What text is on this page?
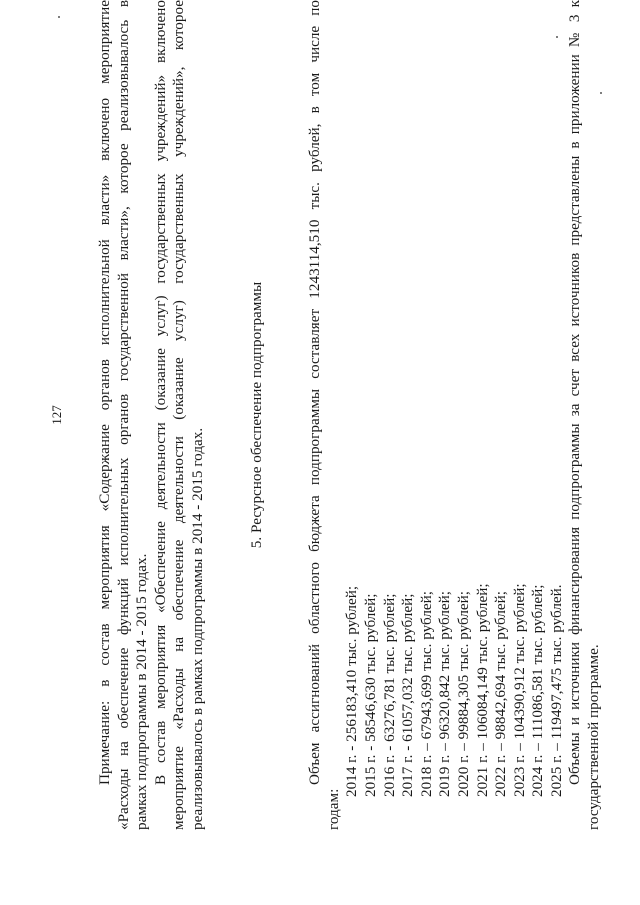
127 Примечание: в состав мероприятия «Содержание органов исполнительной власти» включено мероприятие «Расходы на обеспечение функций исполнительных органов государственной власти», которое реализовывалось в рамках подпрограммы в 2014 - 2015 годах. В состав мероприятия «Обеспечение деятельности (оказание услуг) государственных учреждений» включено мероприятие «Расходы на обеспечение деятельности (оказание услуг) государственных учреждений», которое реализовывалось в рамках подпрограммы в 2014 - 2015 годах.

5. Ресурсное обеспечение подпрограммы	Объем ассигнований областного бюджета подпрограммы составляет 1243114,510 тыс. рублей, в том числе по

годам:

2014 г. - 256183,410 тыс. рублей; 2015 г. - 58546,630 тыс. рублей; 2016 г. - 63276,781 тыс. рублей; 2017 г. - 61057,032 тыс. рублей; 2018 г. – 67943,699 тыс. рублей; 2019 г. – 96320,842 тыс. рублей; 2020 г. – 99884,305 тыс. рублей; 2021 г. – 106084,149 тыс. рублей; 2022 г. – 98842,694 тыс. рублей; 2023 г. – 104390,912 тыс. рублей; 2024 г. – 111086,581 тыс. рублей; 2025 г. – 119497,475 тыс. рублей. Объемы и источники финансирования подпрограммы за счет всех источников представлены в приложении № 3 к государственной программе.
